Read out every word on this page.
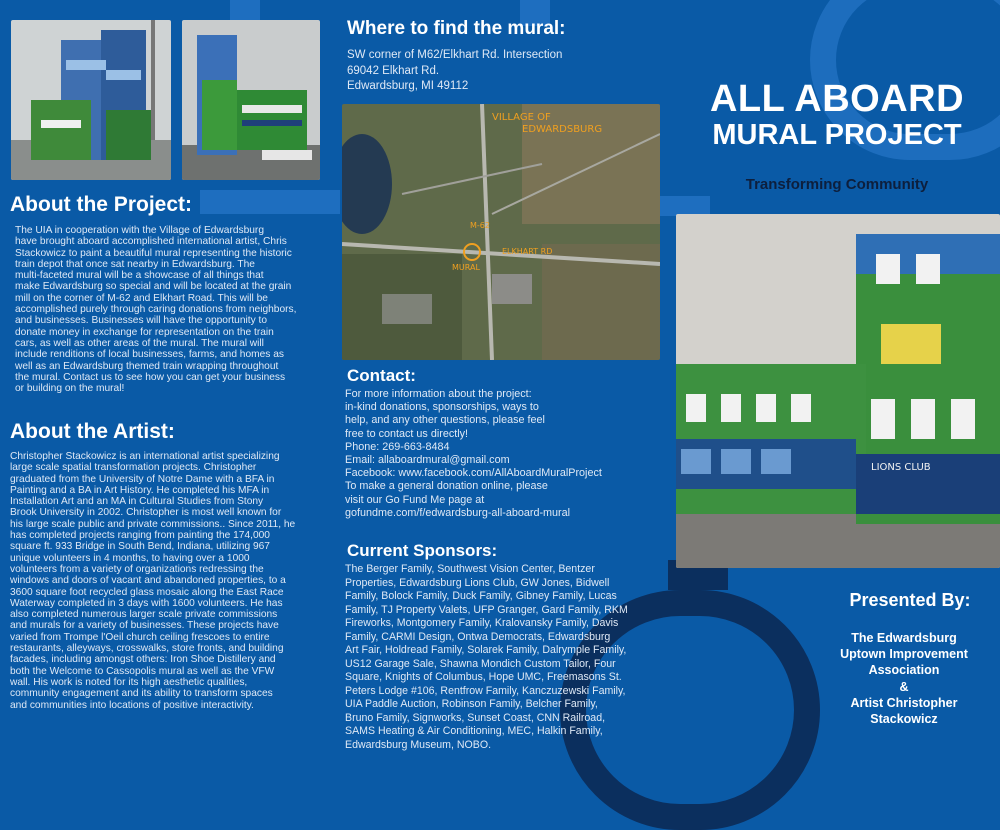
About the Project:
The UIA in cooperation with the Village of Edwardsburg
have brought aboard accomplished international artist, Chris
Stackowicz to paint a beautiful mural representing the historic
train depot that once sat nearby in Edwardsburg. The
multi-faceted mural will be a showcase of all things that
make Edwardsburg so special and will be located at the grain
mill on the corner of M-62 and Elkhart Road. This will be
accomplished purely through caring donations from neighbors,
and businesses. Businesses will have the opportunity to
donate money in exchange for representation on the train
cars, as well as other areas of the mural. The mural will
include renditions of local businesses, farms, and homes as
well as an Edwardsburg themed train wrapping throughout
the mural. Contact us to see how you can get your business
or building on the mural!
About the Artist:
Christopher Stackowicz is an international artist specializing
large scale spatial transformation projects. Christopher
graduated from the University of Notre Dame with a BFA in
Painting and a BA in Art History. He completed his MFA in
Installation Art and an MA in Cultural Studies from Stony
Brook University in 2002. Christopher is most well known for
his large scale public and private commissions.. Since 2011, he
has completed projects ranging from painting the 174,000
square ft. 933 Bridge in South Bend, Indiana, utilizing 967
unique volunteers in 4 months, to having over a 1000
volunteers from a variety of organizations redressing the
windows and doors of vacant and abandoned properties, to a
3600 square foot recycled glass mosaic along the East Race
Waterway completed in 3 days with 1600 volunteers. He has
also completed numerous larger scale private commissions
and murals for a variety of businesses. These projects have
varied from Trompe l'Oeil church ceiling frescoes to entire
restaurants, alleyways, crosswalks, store fronts, and building
facades, including amongst others: Iron Shoe Distillery and
both the Welcome to Cassopolis mural as well as the VFW
wall. His work is noted for its high aesthetic qualities,
community engagement and its ability to transform spaces
and communities into locations of positive interactivity.
Where to find the mural:
SW corner of M62/Elkhart Rd. Intersection
69042 Elkhart Rd.
Edwardsburg, MI 49112
VILLAGE OF
EDWARDSBURG
ELKHART RD
M-62
MURAL
Contact:
For more information about the project:
in-kind donations, sponsorships, ways to
help, and any other questions, please feel
free to contact us directly!
Phone: 269-663-8484
Email: allaboardmural@gmail.com
Facebook: www.facebook.com/AllAboardMuralProject
To make a general donation online, please
visit our Go Fund Me page at
gofundme.com/f/edwardsburg-all-aboard-mural
Current Sponsors:
The Berger Family, Southwest Vision Center, Bentzer
Properties, Edwardsburg Lions Club, GW Jones, Bidwell
Family, Bolock Family, Duck Family, Gibney Family, Lucas
Family, TJ Property Valets, UFP Granger, Gard Family, RKM
Fireworks, Montgomery Family, Kralovansky Family, Davis
Family, CARMI Design, Ontwa Democrats, Edwardsburg
Art Fair, Holdread Family, Solarek Family, Dalrymple Family,
US12 Garage Sale, Shawna Mondich Custom Tailor, Four
Square, Knights of Columbus, Hope UMC, Freemasons St.
Peters Lodge #106, Rentfrow Family, Kanczuzewski Family,
UIA Paddle Auction, Robinson Family, Belcher Family,
Bruno Family, Signworks, Sunset Coast, CNN Railroad,
SAMS Heating & Air Conditioning, MEC, Halkin Family,
Edwardsburg Museum, NOBO.
ALL ABOARD
MURAL PROJECT
Transforming Community
LIONS CLUB
Presented By:
The Edwardsburg
Uptown Improvement
Association
&
Artist Christopher
Stackowicz
